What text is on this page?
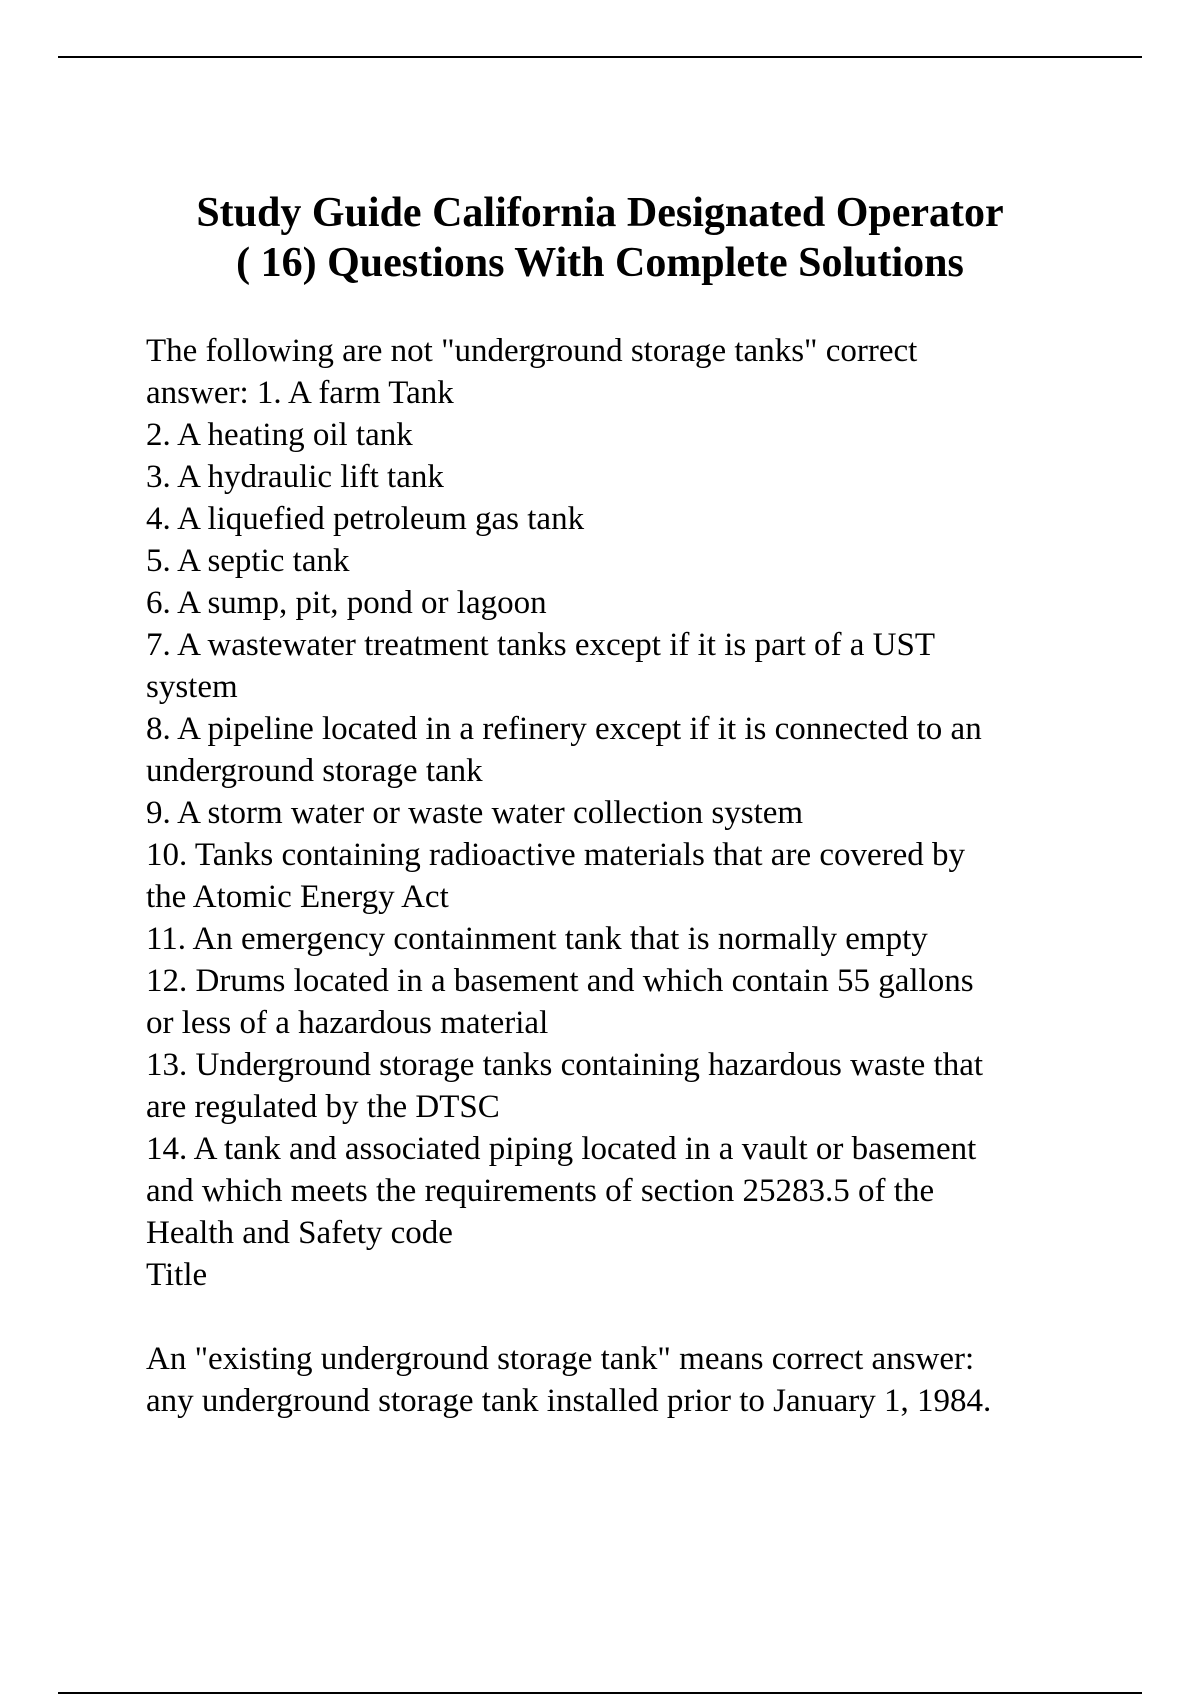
Study Guide California Designated Operator
( 16) Questions With Complete Solutions
The following are not "underground storage tanks" correct
answer: 1. A farm Tank
2. A heating oil tank
3. A hydraulic lift tank
4. A liquefied petroleum gas tank
5. A septic tank
6. A sump, pit, pond or lagoon
7. A wastewater treatment tanks except if it is part of a UST
system
8. A pipeline located in a refinery except if it is connected to an
underground storage tank
9. A storm water or waste water collection system
10. Tanks containing radioactive materials that are covered by
the Atomic Energy Act
11. An emergency containment tank that is normally empty
12. Drums located in a basement and which contain 55 gallons
or less of a hazardous material
13. Underground storage tanks containing hazardous waste that
are regulated by the DTSC
14. A tank and associated piping located in a vault or basement
and which meets the requirements of section 25283.5 of the
Health and Safety code
Title
An "existing underground storage tank" means correct answer:
any underground storage tank installed prior to January 1, 1984.
